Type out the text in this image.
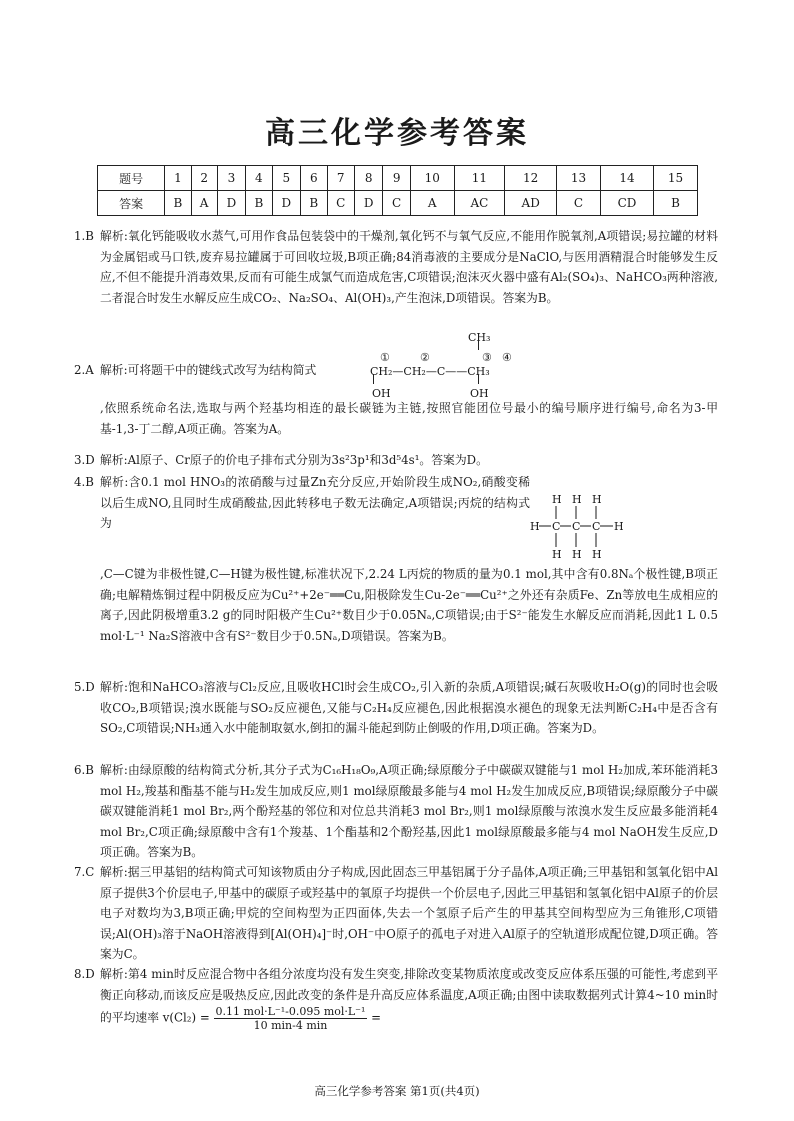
高三化学参考答案
题号	1	2	3	4	5	6	7	8	9	10	11	12	13	14	15
答案	B	A	D	B	D	B	C	D	C	A	AC	AD	C	CD	B
1.B 解析:氧化钙能吸收水蒸气,可用作食品包装袋中的干燥剂,氧化钙不与氧气反应,不能用作脱氧剂,A项错误;易拉罐的材料为金属铝或马口铁,废弃易拉罐属于可回收垃圾,B项正确;84消毒液的主要成分是NaClO,与医用酒精混合时能够发生反应,不但不能提升消毒效果,反而有可能生成氯气而造成危害,C项错误;泡沫灭火器中盛有Al₂(SO₄)₃、NaHCO₃两种溶液,二者混合时发生水解反应生成CO₂、Na₂SO₄、Al(OH)₃,产生泡沫,D项错误。答案为B。
2.A 解析:可将题干中的键线式改写为结构简式
CH₃
①	②	③ ④
CH₂—CH₂—C——CH₃
OH	OH
,依照系统命名法,选取与两个羟基均相连的最长碳链为主链,按照官能团位号最小的编号顺序进行编号,命名为3-甲基-1,3-丁二醇,A项正确。答案为A。
3.D 解析:Al原子、Cr原子的价电子排布式分别为3s²3p¹和3d⁵4s¹。答案为D。
4.B 解析:含0.1 mol HNO₃的浓硝酸与过量Zn充分反应,开始阶段生成NO₂,硝酸变稀以后生成NO,且同时生成硝酸盐,因此转移电子数无法确定,A项错误;丙烷的结构式为
H H H
H C C C H
H H H
,C—C键为非极性键,C—H键为极性键,标准状况下,2.24 L丙烷的物质的量为0.1 mol,其中含有0.8Nₐ个极性键,B项正确;电解精炼铜过程中阴极反应为Cu²⁺+2e⁻══Cu,阳极除发生Cu-2e⁻══Cu²⁺之外还有杂质Fe、Zn等放电生成相应的离子,因此阴极增重3.2 g的同时阳极产生Cu²⁺数目少于0.05Nₐ,C项错误;由于S²⁻能发生水解反应而消耗,因此1 L 0.5 mol·L⁻¹ Na₂S溶液中含有S²⁻数目少于0.5Nₐ,D项错误。答案为B。
5.D 解析:饱和NaHCO₃溶液与Cl₂反应,且吸收HCl时会生成CO₂,引入新的杂质,A项错误;碱石灰吸收H₂O(g)的同时也会吸收CO₂,B项错误;溴水既能与SO₂反应褪色,又能与C₂H₄反应褪色,因此根据溴水褪色的现象无法判断C₂H₄中是否含有SO₂,C项错误;NH₃通入水中能制取氨水,倒扣的漏斗能起到防止倒吸的作用,D项正确。答案为D。
6.B 解析:由绿原酸的结构简式分析,其分子式为C₁₆H₁₈O₉,A项正确;绿原酸分子中碳碳双键能与1 mol H₂加成,苯环能消耗3 mol H₂,羧基和酯基不能与H₂发生加成反应,则1 mol绿原酸最多能与4 mol H₂发生加成反应,B项错误;绿原酸分子中碳碳双键能消耗1 mol Br₂,两个酚羟基的邻位和对位总共消耗3 mol Br₂,则1 mol绿原酸与浓溴水发生反应最多能消耗4 mol Br₂,C项正确;绿原酸中含有1个羧基、1个酯基和2个酚羟基,因此1 mol绿原酸最多能与4 mol NaOH发生反应,D项正确。答案为B。
7.C 解析:据三甲基铝的结构简式可知该物质由分子构成,因此固态三甲基铝属于分子晶体,A项正确;三甲基铝和氢氧化铝中Al原子提供3个价层电子,甲基中的碳原子或羟基中的氧原子均提供一个价层电子,因此三甲基铝和氢氧化铝中Al原子的价层电子对数均为3,B项正确;甲烷的空间构型为正四面体,失去一个氢原子后产生的甲基其空间构型应为三角锥形,C项错误;Al(OH)₃溶于NaOH溶液得到[Al(OH)₄]⁻时,OH⁻中O原子的孤电子对进入Al原子的空轨道形成配位键,D项正确。答案为C。
8.D 解析:第4 min时反应混合物中各组分浓度均没有发生突变,排除改变某物质浓度或改变反应体系压强的可能性,考虑到平衡正向移动,而该反应是吸热反应,因此改变的条件是升高反应体系温度,A项正确;由图中读取数据列式计算4~10 min时的平均速率 $v(Cl_2) = \frac{\text{0.11 mol·L⁻¹-0.095 mol·L⁻¹}}{10 \min-4 \min}$ =
高三化学参考答案 第1页(共4页)
